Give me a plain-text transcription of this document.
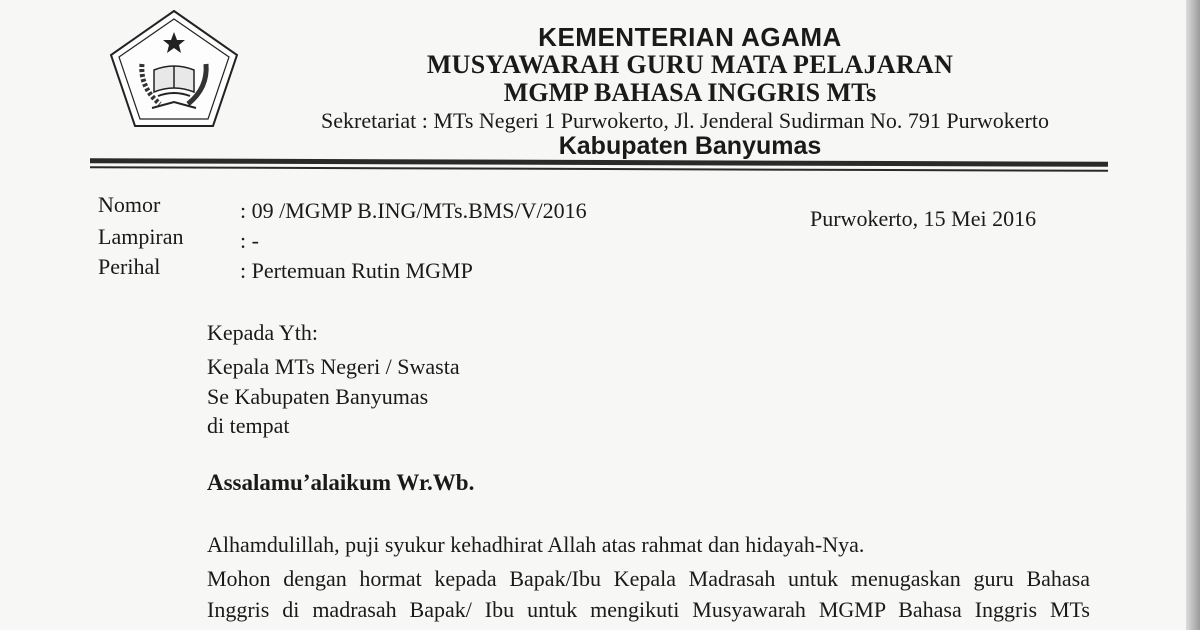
KEMENTERIAN AGAMA
MUSYAWARAH GURU MATA PELAJARAN
MGMP BAHASA INGGRIS MTs
Sekretariat : MTs Negeri 1 Purwokerto, Jl. Jenderal Sudirman No. 791 Purwokerto
Kabupaten Banyumas
Nomor	: 09 /MGMP B.ING/MTs.BMS/V/2016
Lampiran	: -
Perihal	: Pertemuan Rutin MGMP
Purwokerto, 15 Mei 2016
Kepada Yth:
Kepala MTs Negeri / Swasta
Se Kabupaten Banyumas
di tempat
Assalamu’alaikum Wr.Wb.
Alhamdulillah, puji syukur kehadhirat Allah atas rahmat dan hidayah-Nya.
Mohon dengan hormat kepada Bapak/Ibu Kepala Madrasah untuk menugaskan guru Bahasa
Inggris di madrasah Bapak/ Ibu untuk mengikuti Musyawarah MGMP Bahasa Inggris MTs
